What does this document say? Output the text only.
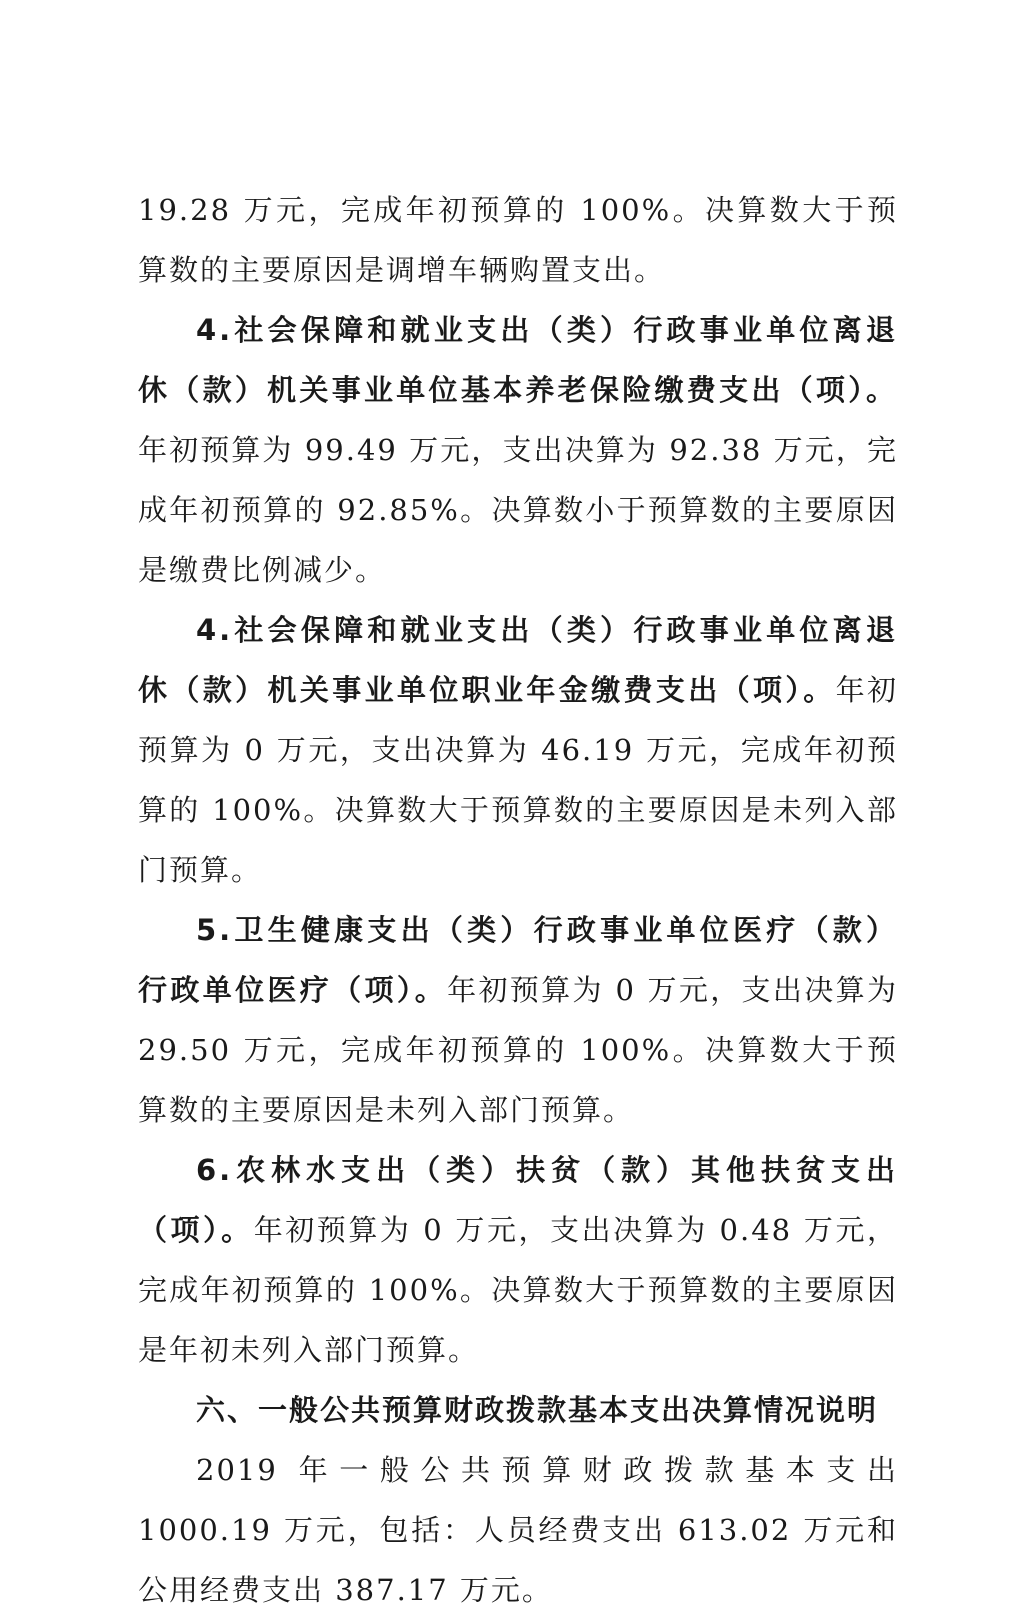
19.28 万元，完成年初预算的 100%。决算数大于预算数的主要原因是调增车辆购置支出。

4.社会保障和就业支出（类）行政事业单位离退休（款）机关事业单位基本养老保险缴费支出（项）。年初预算为 99.49 万元，支出决算为 92.38 万元，完成年初预算的 92.85%。决算数小于预算数的主要原因是缴费比例减少。

4.社会保障和就业支出（类）行政事业单位离退休（款）机关事业单位职业年金缴费支出（项）。年初预算为 0 万元，支出决算为 46.19 万元，完成年初预算的 100%。决算数大于预算数的主要原因是未列入部门预算。

5.卫生健康支出（类）行政事业单位医疗（款）行政单位医疗（项）。年初预算为 0 万元，支出决算为 29.50 万元，完成年初预算的 100%。决算数大于预算数的主要原因是未列入部门预算。

6.农林水支出（类）扶贫（款）其他扶贫支出（项）。年初预算为 0 万元，支出决算为 0.48 万元，完成年初预算的 100%。决算数大于预算数的主要原因是年初未列入部门预算。

六、一般公共预算财政拨款基本支出决算情况说明

2019 年一般公共预算财政拨款基本支出 1000.19 万元，包括：人员经费支出 613.02 万元和公用经费支出 387.17 万元。
